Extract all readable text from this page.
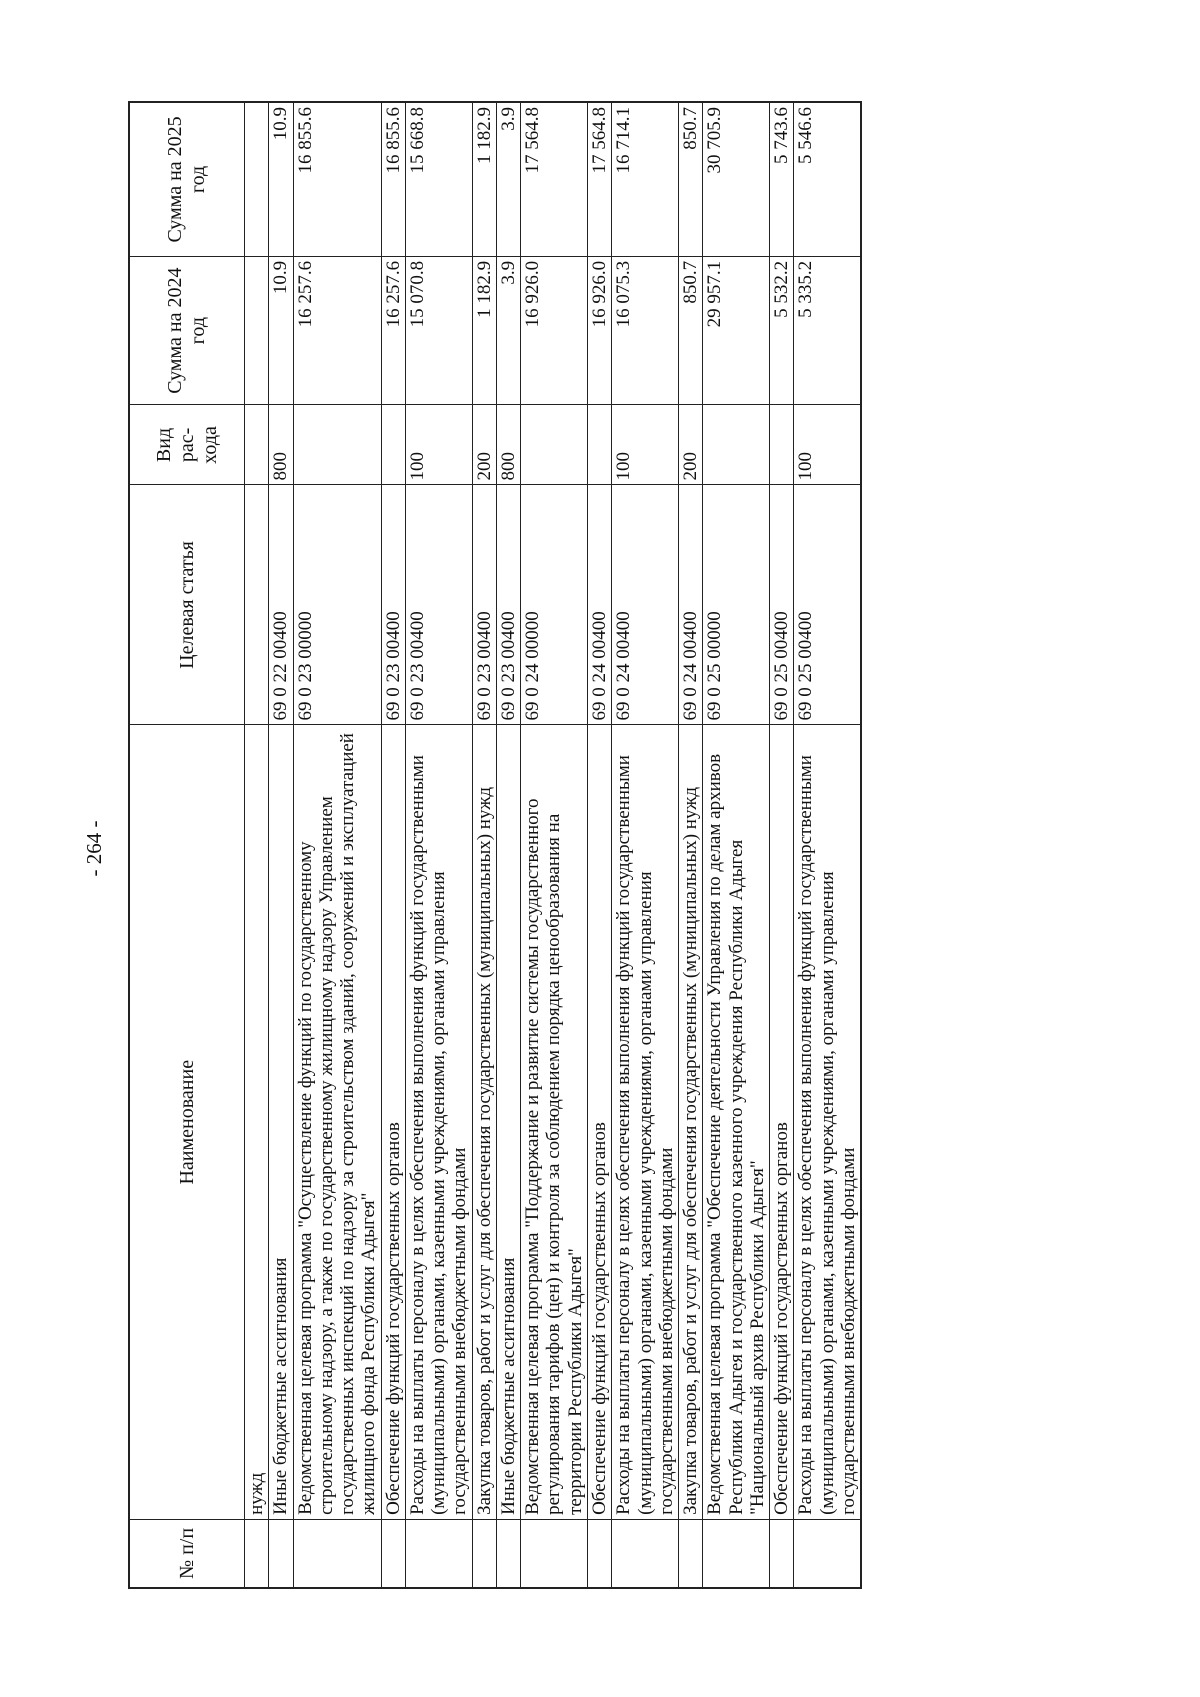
- 264 -
№ п/п	Наименование	Целевая статья	Вид рас-хода	Сумма на 2024 год	Сумма на 2025 год
	нужд				
	Иные бюджетные ассигнования	69 0 22 00400	800	10.9	10.9
	Ведомственная целевая программа "Осуществление функций по государственному строительному надзору, а также по государственному жилищному надзору Управлением государственных инспекций по надзору за строительством зданий, сооружений и эксплуатацией жилищного фонда Республики Адыгея"	69 0 23 00000		16 257.6	16 855.6
	Обеспечение функций государственных органов	69 0 23 00400		16 257.6	16 855.6
	Расходы на выплаты персоналу в целях обеспечения выполнения функций государственными (муниципальными) органами, казенными учреждениями, органами управления государственными внебюджетными фондами	69 0 23 00400	100	15 070.8	15 668.8
	Закупка товаров, работ и услуг для обеспечения государственных (муниципальных) нужд	69 0 23 00400	200	1 182.9	1 182.9
	Иные бюджетные ассигнования	69 0 23 00400	800	3.9	3.9
	Ведомственная целевая программа "Поддержание и развитие системы государственного регулирования тарифов (цен) и контроля за соблюдением порядка ценообразования на территории Республики Адыгея"	69 0 24 00000		16 926.0	17 564.8
	Обеспечение функций государственных органов	69 0 24 00400		16 926.0	17 564.8
	Расходы на выплаты персоналу в целях обеспечения выполнения функций государственными (муниципальными) органами, казенными учреждениями, органами управления государственными внебюджетными фондами	69 0 24 00400	100	16 075.3	16 714.1
	Закупка товаров, работ и услуг для обеспечения государственных (муниципальных) нужд	69 0 24 00400	200	850.7	850.7
	Ведомственная целевая программа "Обеспечение деятельности Управления по делам архивов Республики Адыгея и государственного казенного учреждения Республики Адыгея "Национальный архив Республики Адыгея"	69 0 25 00000		29 957.1	30 705.9
	Обеспечение функций государственных органов	69 0 25 00400		5 532.2	5 743.6
	Расходы на выплаты персоналу в целях обеспечения выполнения функций государственными (муниципальными) органами, казенными учреждениями, органами управления государственными внебюджетными фондами	69 0 25 00400	100	5 335.2	5 546.6
